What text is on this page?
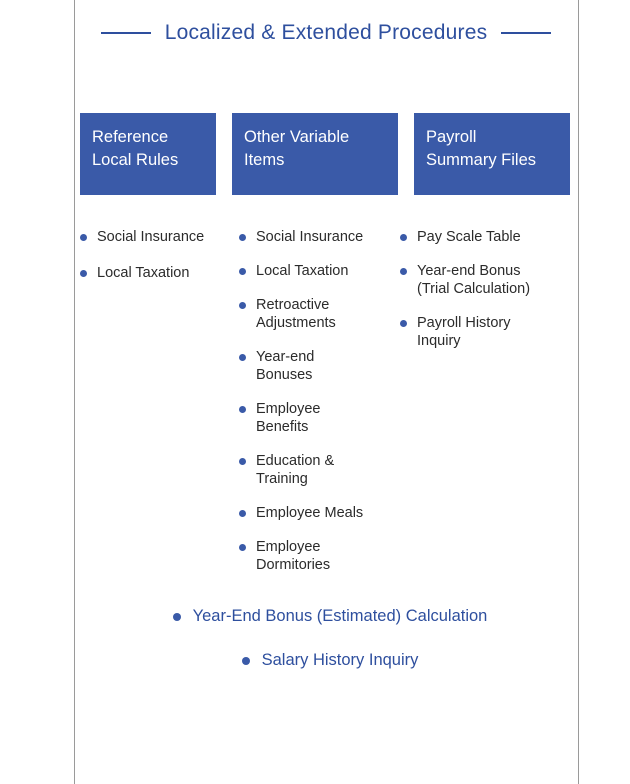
Localized & Extended Procedures
Reference
Local Rules
Other Variable
Items
Payroll
Summary Files
Social Insurance
Local Taxation
Social Insurance
Local Taxation
Retroactive
Adjustments
Year-end
Bonuses
Employee
Benefits
Education &
Training
Employee Meals
Employee
Dormitories
Pay Scale Table
Year-end Bonus
(Trial Calculation)
Payroll History
Inquiry
Year-End Bonus (Estimated) Calculation
Salary History Inquiry
